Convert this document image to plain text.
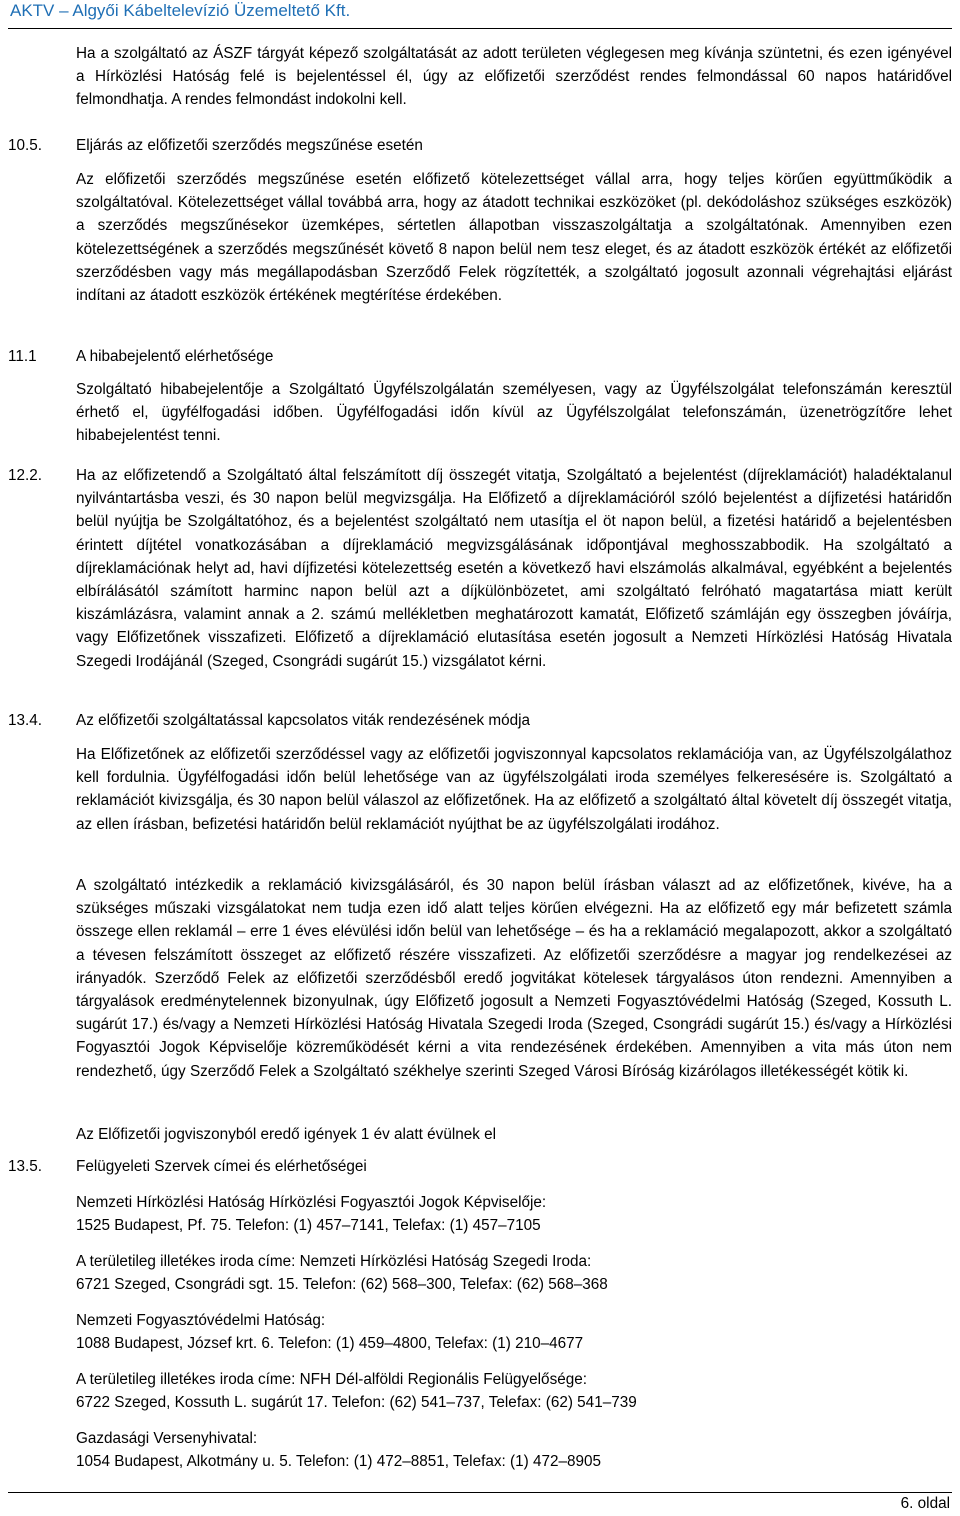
AKTV – Algyői Kábeltelevízió Üzemeltető Kft.

Ha a szolgáltató az ÁSZF tárgyát képező szolgáltatását az adott területen véglegesen meg kívánja szüntetni, és ezen igényével a Hírközlési Hatóság felé is bejelentéssel él, úgy az előfizetői szerződést rendes felmondással 60 napos határidővel felmondhatja. A rendes felmondást indokolni kell.

10.5. Eljárás az előfizetői szerződés megszűnése esetén

Az előfizetői szerződés megszűnése esetén előfizető kötelezettséget vállal arra, hogy teljes körűen együttműködik a szolgáltatóval. Kötelezettséget vállal továbbá arra, hogy az átadott technikai eszközöket (pl. dekódoláshoz szükséges eszközök) a szerződés megszűnésekor üzemképes, sértetlen állapotban visszaszolgáltatja a szolgáltatónak. Amennyiben ezen kötelezettségének a szerződés megszűnését követő 8 napon belül nem tesz eleget, és az átadott eszközök értékét az előfizetői szerződésben vagy más megállapodásban Szerződő Felek rögzítették, a szolgáltató jogosult azonnali végrehajtási eljárást indítani az átadott eszközök értékének megtérítése érdekében.

11.1	A hibabejelentő elérhetősége

Szolgáltató hibabejelentője a Szolgáltató Ügyfélszolgálatán személyesen, vagy az Ügyfélszolgálat telefonszámán keresztül érhető el, ügyfélfogadási időben. Ügyfélfogadási időn kívül az Ügyfélszolgálat telefonszámán, üzenetrögzítőre lehet hibabejelentést tenni.

12.2. Ha az előfizetendő a Szolgáltató által felszámított díj összegét vitatja, Szolgáltató a bejelentést (díjreklamációt) haladéktalanul nyilvántartásba veszi, és 30 napon belül megvizsgálja. Ha Előfizető a díjreklamációról szóló bejelentést a díjfizetési határidőn belül nyújtja be Szolgáltatóhoz, és a bejelentést szolgáltató nem utasítja el öt napon belül, a fizetési határidő a bejelentésben érintett díjtétel vonatkozásában a díjreklamáció megvizsgálásának időpontjával meghosszabbodik. Ha szolgáltató a díjreklamációnak helyt ad, havi díjfizetési kötelezettség esetén a következő havi elszámolás alkalmával, egyébként a bejelentés elbírálásától számított harminc napon belül azt a díjkülönbözetet, ami szolgáltató felróható magatartása miatt került kiszámlázásra, valamint annak a 2. számú mellékletben meghatározott kamatát, Előfizető számláján egy összegben jóváírja, vagy Előfizetőnek visszafizeti. Előfizető a díjreklamáció elutasítása esetén jogosult a Nemzeti Hírközlési Hatóság Hivatala Szegedi Irodájánál (Szeged, Csongrádi sugárút 15.) vizsgálatot kérni.

13.4. Az előfizetői szolgáltatással kapcsolatos viták rendezésének módja

Ha Előfizetőnek az előfizetői szerződéssel vagy az előfizetői jogviszonnyal kapcsolatos reklamációja van, az Ügyfélszolgálathoz kell fordulnia. Ügyfélfogadási időn belül lehetősége van az ügyfélszolgálati iroda személyes felkeresésére is. Szolgáltató a reklamációt kivizsgálja, és 30 napon belül válaszol az előfizetőnek. Ha az előfizető a szolgáltató által követelt díj összegét vitatja, az ellen írásban, befizetési határidőn belül reklamációt nyújthat be az ügyfélszolgálati irodához.

A szolgáltató intézkedik a reklamáció kivizsgálásáról, és 30 napon belül írásban választ ad az előfizetőnek, kivéve, ha a szükséges műszaki vizsgálatokat nem tudja ezen idő alatt teljes körűen elvégezni. Ha az előfizető egy már befizetett számla összege ellen reklamál – erre 1 éves elévülési időn belül van lehetősége – és ha a reklamáció megalapozott, akkor a szolgáltató a tévesen felszámított összeget az előfizető részére visszafizeti. Az előfizetői szerződésre a magyar jog rendelkezései az irányadók. Szerződő Felek az előfizetői szerződésből eredő jogvitákat kötelesek tárgyalásos úton rendezni. Amennyiben a tárgyalások eredménytelennek bizonyulnak, úgy Előfizető jogosult a Nemzeti Fogyasztóvédelmi Hatóság (Szeged, Kossuth L. sugárút 17.) és/vagy a Nemzeti Hírközlési Hatóság Hivatala Szegedi Iroda (Szeged, Csongrádi sugárút 15.) és/vagy a Hírközlési Fogyasztói Jogok Képviselője közreműködését kérni a vita rendezésének érdekében. Amennyiben a vita más úton nem rendezhető, úgy Szerződő Felek a Szolgáltató székhelye szerinti Szeged Városi Bíróság kizárólagos illetékességét kötik ki.

Az Előfizetői jogviszonyból eredő igények 1 év alatt évülnek el
13.5. Felügyeleti Szervek címei és elérhetőségei
Nemzeti Hírközlési Hatóság Hírközlési Fogyasztói Jogok Képviselője:
1525 Budapest, Pf. 75. Telefon: (1) 457–7141, Telefax: (1) 457–7105
A területileg illetékes iroda címe: Nemzeti Hírközlési Hatóság Szegedi Iroda:
6721 Szeged, Csongrádi sgt. 15. Telefon: (62) 568–300, Telefax: (62) 568–368
Nemzeti Fogyasztóvédelmi Hatóság:
1088 Budapest, József krt. 6. Telefon: (1) 459–4800, Telefax: (1) 210–4677
A területileg illetékes iroda címe: NFH Dél-alföldi Regionális Felügyelősége:
6722 Szeged, Kossuth L. sugárút 17. Telefon: (62) 541–737, Telefax: (62) 541–739
Gazdasági Versenyhivatal:
1054 Budapest, Alkotmány u. 5. Telefon: (1) 472–8851, Telefax: (1) 472–8905
6. oldal
